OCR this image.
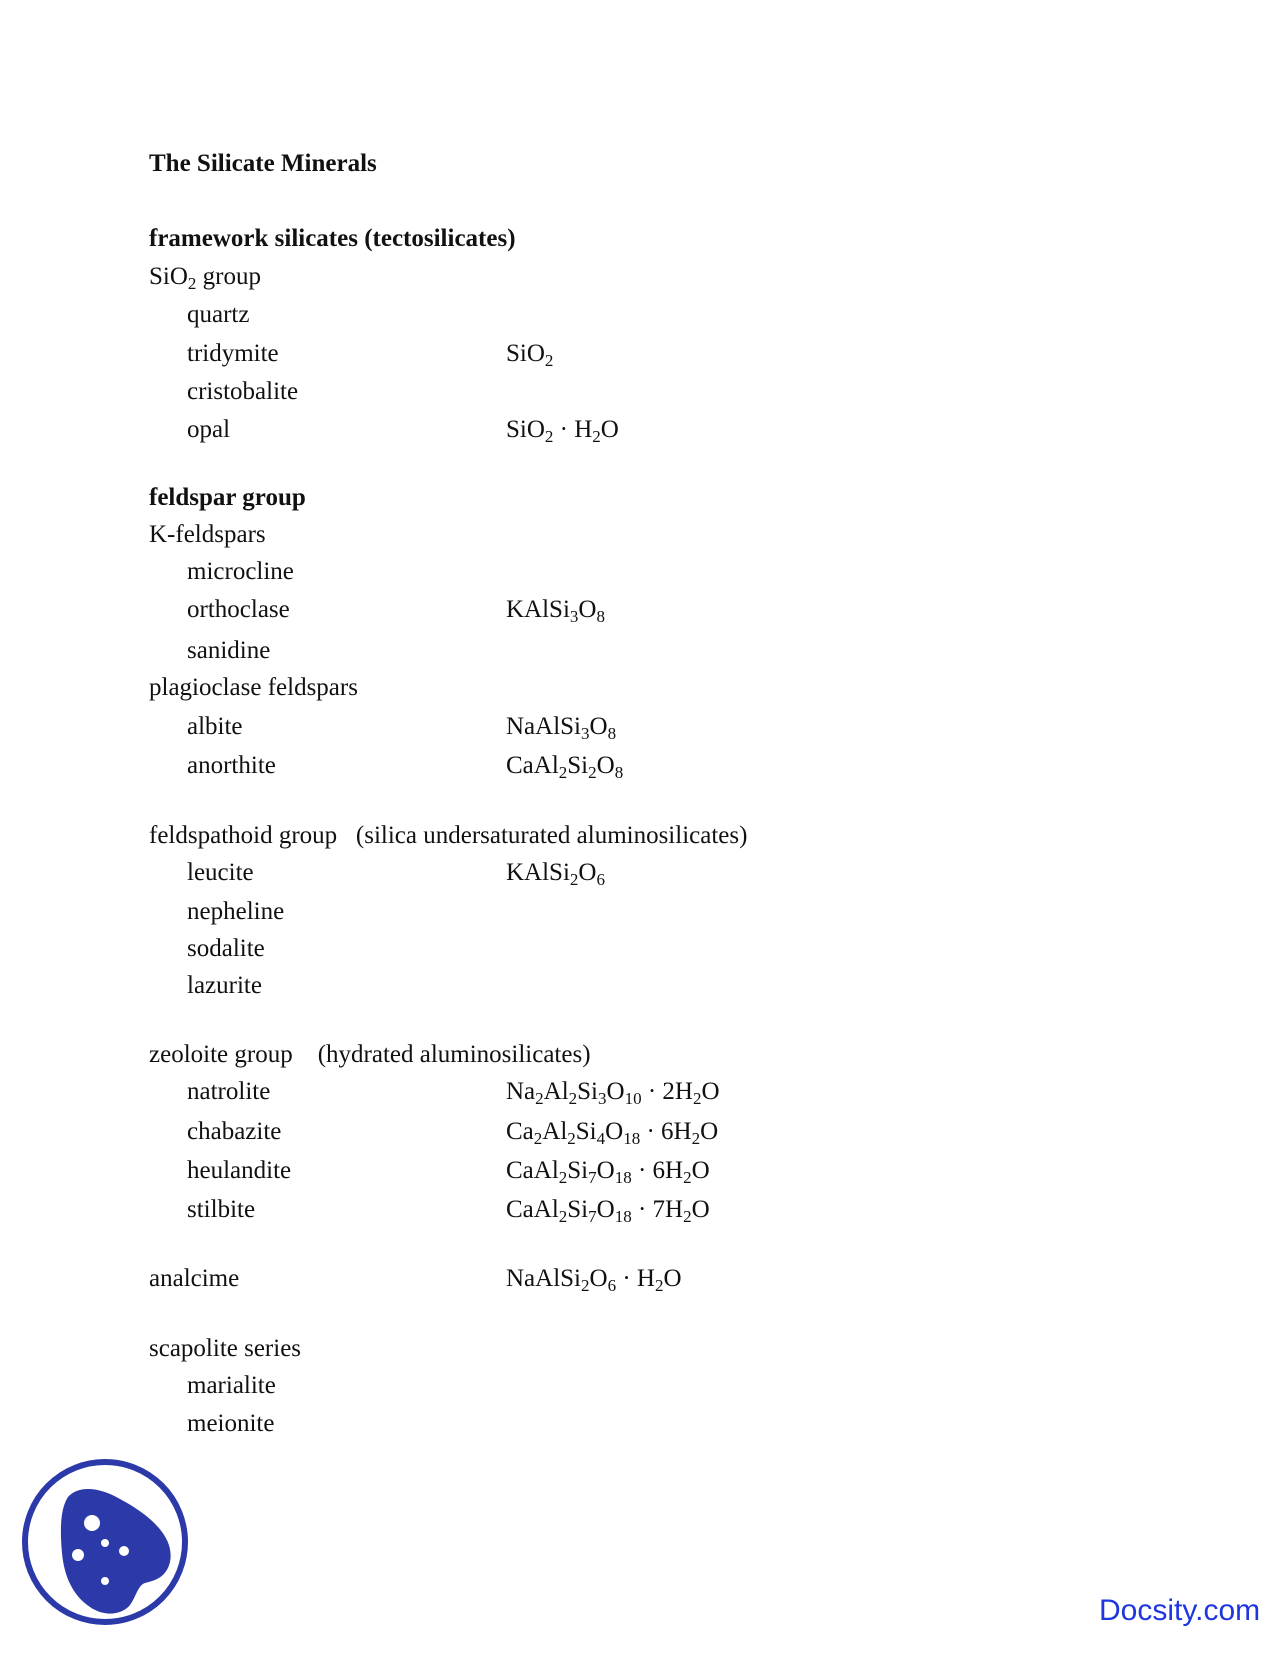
The Silicate Minerals
framework silicates (tectosilicates)
SiO$_2$ group
quartz
tridymite	SiO$_2$
cristobalite
opal	$SiO_2 \cdot H_2O$
feldspar group
K-feldspars
microcline
orthoclase	$KAlSi_3O_8$
sanidine
plagioclase feldspars
albite	$NaAlSi_3O_8$
anorthite	$CaAl_2Si_2O_8$
feldspathoid group   (silica undersaturated aluminosilicates)
leucite	$KAlSi_2O_6$
nepheline
sodalite
lazurite
zeoloite group    (hydrated aluminosilicates)
natrolite	$Na_2Al_2Si_3O_{10} \cdot 2H_2O$
chabazite	$Ca_2Al_2Si_4O_{18} \cdot 6H_2O$
heulandite	$CaAl_2Si_7O_{18} \cdot 6H_2O$
stilbite	$CaAl_2Si_7O_{18} \cdot 7H_2O$
analcime	$NaAlSi_2O_6 \cdot H_2O$
scapolite series
marialite
meionite
Docsity.com
